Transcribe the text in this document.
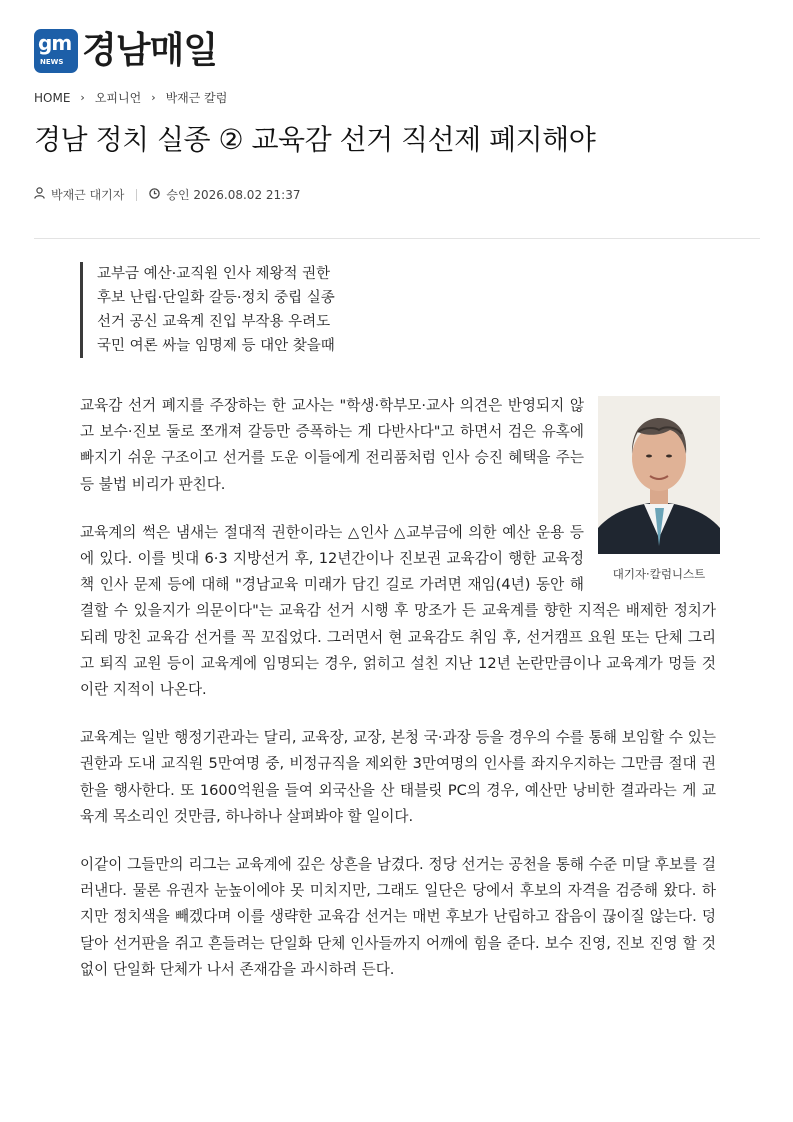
gm
NEWS 경남매일
HOME › 오피니언 › 박재근 칼럼
경남 정치 실종 ② 교육감 선거 직선제 폐지해야
박재근 대기자	승인 2026.08.02 21:37
교부금 예산·교직원 인사 제왕적 권한
후보 난립·단일화 갈등·정치 중립 실종
선거 공신 교육계 진입 부작용 우려도
국민 여론 싸늘 임명제 등 대안 찾을때
대기자·칼럼니스트

교육감 선거 폐지를 주장하는 한 교사는 "학생·학부모·교사 의견은 반영되지 않고 보수·진보 둘로 쪼개져 갈등만 증폭하는 게 다반사다"고 하면서 검은 유혹에 빠지기 쉬운 구조이고 선거를 도운 이들에게 전리품처럼 인사 승진 혜택을 주는 등 불법 비리가 판친다.

교육계의 썩은 냄새는 절대적 권한이라는 △인사 △교부금에 의한 예산 운용 등에 있다. 이를 빗대 6·3 지방선거 후, 12년간이나 진보권 교육감이 행한 교육정책 인사 문제 등에 대해 "경남교육 미래가 담긴 길로 가려면 재임(4년) 동안 해결할 수 있을지가 의문이다"는 교육감 선거 시행 후 망조가 든 교육계를 향한 지적은 배제한 정치가 되레 망친 교육감 선거를 꼭 꼬집었다. 그러면서 현 교육감도 취임 후, 선거캠프 요원 또는 단체 그리고 퇴직 교원 등이 교육계에 임명되는 경우, 얽히고 설친 지난 12년 논란만큼이나 교육계가 멍들 것이란 지적이 나온다.

교육계는 일반 행정기관과는 달리, 교육장, 교장, 본청 국·과장 등을 경우의 수를 통해 보임할 수 있는 권한과 도내 교직원 5만여명 중, 비정규직을 제외한 3만여명의 인사를 좌지우지하는 그만큼 절대 권한을 행사한다. 또 1600억원을 들여 외국산을 산 태블릿 PC의 경우, 예산만 낭비한 결과라는 게 교육계 목소리인 것만큼, 하나하나 살펴봐야 할 일이다.

이같이 그들만의 리그는 교육계에 깊은 상흔을 남겼다. 정당 선거는 공천을 통해 수준 미달 후보를 걸러낸다. 물론 유권자 눈높이에야 못 미치지만, 그래도 일단은 당에서 후보의 자격을 검증해 왔다. 하지만 정치색을 빼겠다며 이를 생략한 교육감 선거는 매번 후보가 난립하고 잡음이 끊이질 않는다. 덩달아 선거판을 쥐고 흔들려는 단일화 단체 인사들까지 어깨에 힘을 준다. 보수 진영, 진보 진영 할 것 없이 단일화 단체가 나서 존재감을 과시하려 든다.
